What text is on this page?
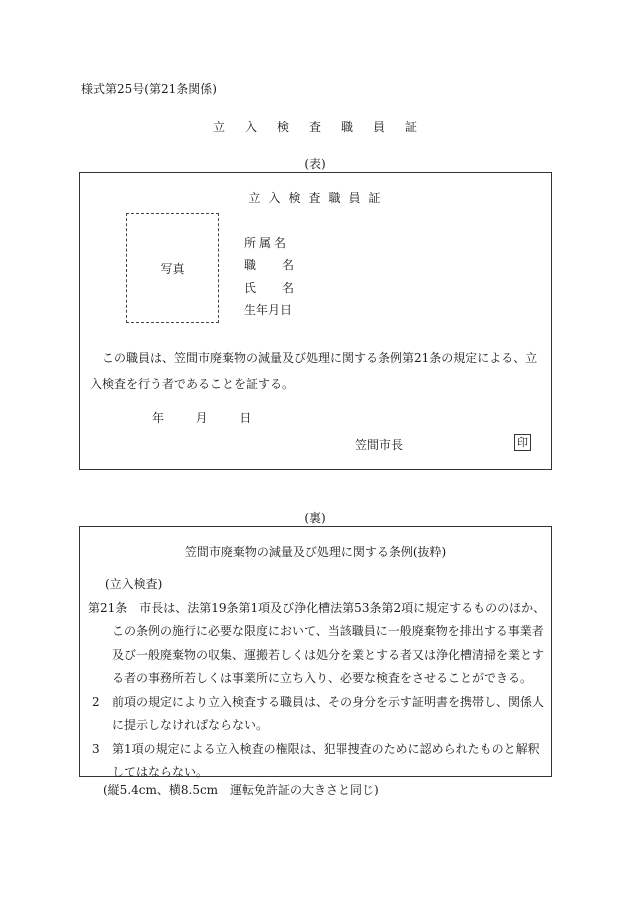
様式第25号(第21条関係)
立入検査職員証
(表)
立入検査職員証
写真
所属名
職名
氏名
生年月日

この職員は、笠間市廃棄物の減量及び処理に関する条例第21条の規定による、立入検査を行う者であることを証する。

年	月	日
笠間市長	印
(裏)
笠間市廃棄物の減量及び処理に関する条例(抜粋)
(立入検査)

第21条 市長は、法第19条第1項及び浄化槽法第53条第2項に規定するもののほか、この条例の施行に必要な限度において、当該職員に一般廃棄物を排出する事業者及び一般廃棄物の収集、運搬若しくは処分を業とする者又は浄化槽清掃を業とする者の事務所若しくは事業所に立ち入り、必要な検査をさせることができる。

2 前項の規定により立入検査する職員は、その身分を示す証明書を携帯し、関係人に提示しなければならない。

3 第1項の規定による立入検査の権限は、犯罪捜査のために認められたものと解釈してはならない。

(縦5.4cm、横8.5cm　運転免許証の大きさと同じ)
